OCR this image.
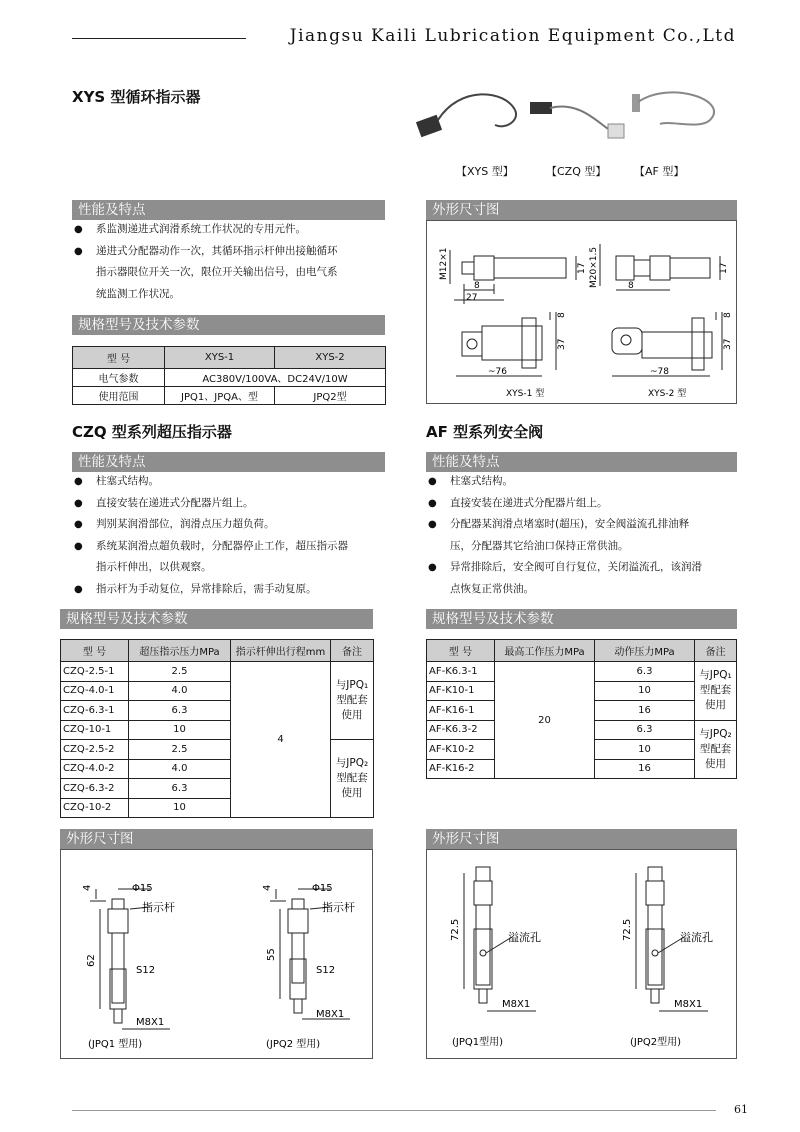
Jiangsu Kaili Lubrication Equipment Co.,Ltd
XYS 型循环指示器
【XYS 型】	【CZQ 型】	【AF 型】
性能及特点
● 系监测递进式润滑系统工作状况的专用元件。
● 递进式分配器动作一次，其循环指示杆伸出接触循环
指示器限位开关一次，限位开关输出信号，由电气系
统监测工作状况。
规格型号及技术参数
型 号	XYS-1	XYS-2
电气参数	AC380V/100VA、DC24V/10W	
使用范围	JPQ1、JPQA、型	JPQ2型
外形尺寸图
M12×1	17
8
27
M20×1.5	17
8
8
37
~76
XYS-1 型
8
37
~78
XYS-2 型
CZQ 型系列超压指示器
性能及特点
● 柱塞式结构。
● 直接安装在递进式分配器片组上。
● 判别某润滑部位，润滑点压力超负荷。
● 系统某润滑点超负载时，分配器停止工作，超压指示器
指示杆伸出，以供观察。
● 指示杆为手动复位，异常排除后，需手动复原。
规格型号及技术参数
型 号	超压指示压力MPa	指示杆伸出行程mm	备注
CZQ-2.5-1	2.5	4	与JPQ₁
型配套
使用

CZQ-4.0-1	4.0		
CZQ-6.3-1	6.3		
CZQ-10-1	10		
CZQ-2.5-2	2.5		与JPQ₂
型配套
使用

CZQ-4.0-2	4.0		
CZQ-6.3-2	6.3		
CZQ-10-2	10		
外形尺寸图
4	Φ15
指示杆
62
S12
M8X1
(JPQ1 型用)
4	Φ15
指示杆
55
S12
M8X1
(JPQ2 型用)
AF 型系列安全阀
性能及特点
● 柱塞式结构。
● 直接安装在递进式分配器片组上。
● 分配器某润滑点堵塞时(超压)，安全阀溢流孔排油释
压，分配器其它给油口保持正常供油。
● 异常排除后，安全阀可自行复位，关闭溢流孔，该润滑
点恢复正常供油。
规格型号及技术参数
型 号	最高工作压力MPa	动作压力MPa	备注
AF-K6.3-1	20	6.3	与JPQ₁
型配套
使用

AF-K10-1		10	
AF-K16-1		16	
AF-K6.3-2		6.3	与JPQ₂
型配套
使用

AF-K10-2		10	
AF-K16-2		16	
外形尺寸图
72.5	溢流孔
M8X1
(JPQ1型用)
72.5	溢流孔
M8X1
(JPQ2型用)
61
